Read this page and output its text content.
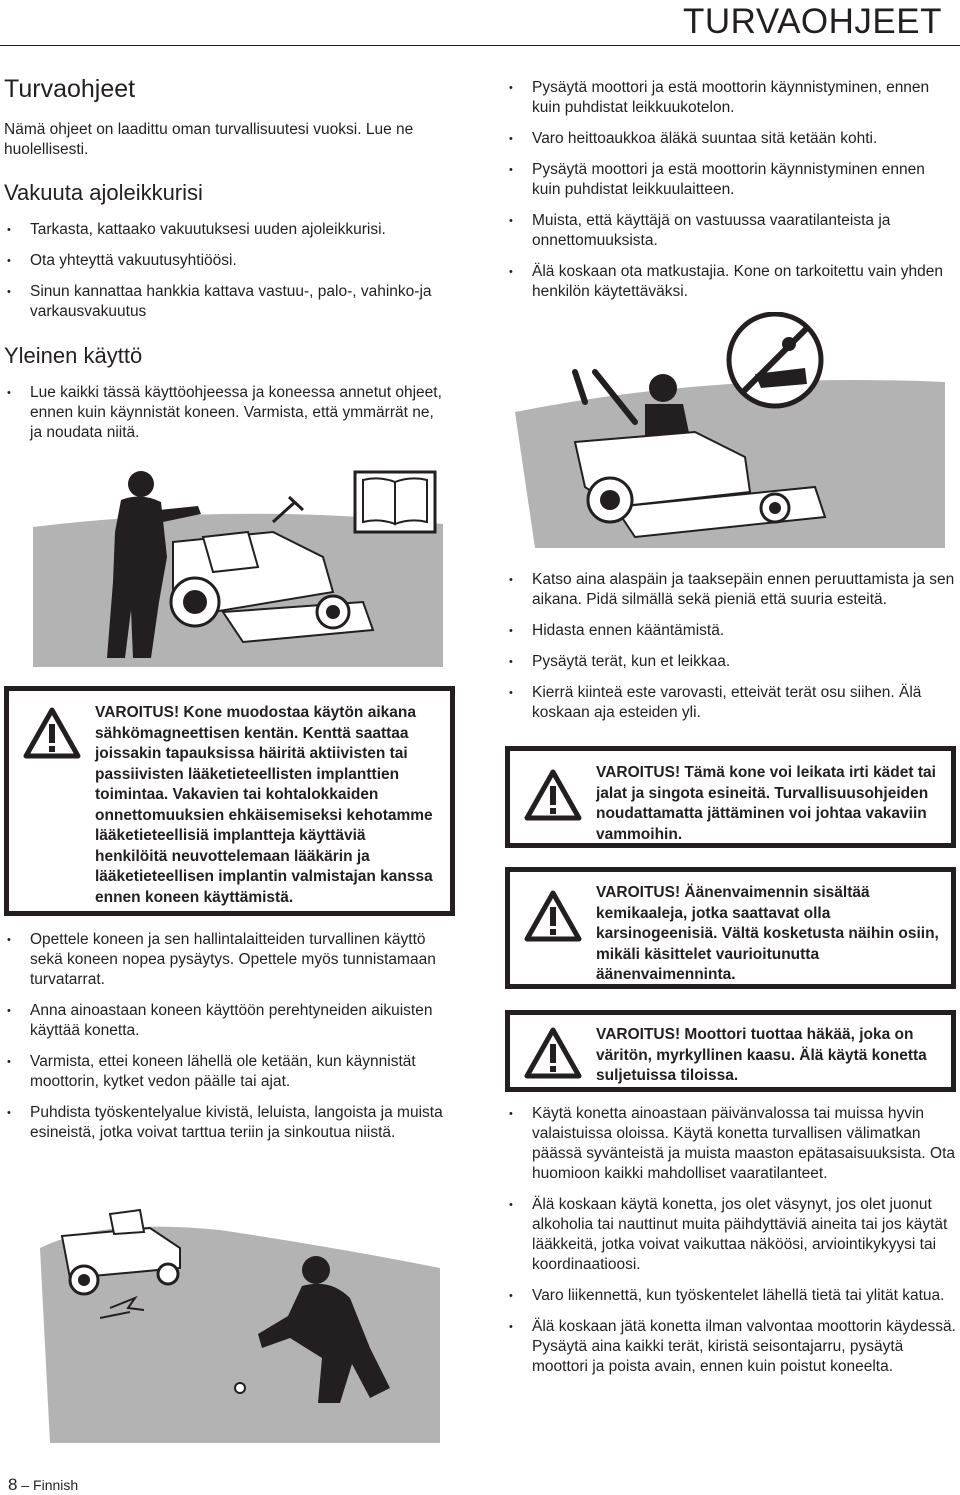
TURVAOHJEET
Turvaohjeet

Nämä ohjeet on laadittu oman turvallisuutesi vuoksi. Lue ne huolellisesti.

Vakuuta ajoleikkurisi
• Tarkasta, kattaako vakuutuksesi uuden ajoleikkurisi.
• Ota yhteyttä vakuutusyhtiöösi.
• Sinun kannattaa hankkia kattava vastuu-, palo-, vahinko-ja varkausvakuutus
Yleinen käyttö
• Lue kaikki tässä käyttöohjeessa ja koneessa annetut ohjeet, ennen kuin käynnistät koneen. Varmista, että ymmärrät ne, ja noudata niitä.
VAROITUS! Kone muodostaa käytön aikana sähkömagneettisen kentän. Kenttä saattaa joissakin tapauksissa häiritä aktiivisten tai passiivisten lääketieteellisten implanttien toimintaa. Vakavien tai kohtalokkaiden onnettomuuksien ehkäisemiseksi kehotamme lääketieteellisiä implantteja käyttäviä henkilöitä neuvottelemaan lääkärin ja lääketieteellisen implantin valmistajan kanssa ennen koneen käyttämistä.
• Opettele koneen ja sen hallintalaitteiden turvallinen käyttö sekä koneen nopea pysäytys. Opettele myös tunnistamaan turvatarrat.
• Anna ainoastaan koneen käyttöön perehtyneiden aikuisten käyttää konetta.
• Varmista, ettei koneen lähellä ole ketään, kun käynnistät moottorin, kytket vedon päälle tai ajat.
• Puhdista työskentelyalue kivistä, leluista, langoista ja muista esineistä, jotka voivat tarttua teriin ja sinkoutua niistä.
• Pysäytä moottori ja estä moottorin käynnistyminen, ennen kuin puhdistat leikkuukotelon.
• Varo heittoaukkoa äläkä suuntaa sitä ketään kohti.
• Pysäytä moottori ja estä moottorin käynnistyminen ennen kuin puhdistat leikkuulaitteen.
• Muista, että käyttäjä on vastuussa vaaratilanteista ja onnettomuuksista.
• Älä koskaan ota matkustajia. Kone on tarkoitettu vain yhden henkilön käytettäväksi.
• Katso aina alaspäin ja taaksepäin ennen peruuttamista ja sen aikana. Pidä silmällä sekä pieniä että suuria esteitä.
• Hidasta ennen kääntämistä.
• Pysäytä terät, kun et leikkaa.
• Kierrä kiinteä este varovasti, etteivät terät osu siihen. Älä koskaan aja esteiden yli.
VAROITUS! Tämä kone voi leikata irti kädet tai jalat ja singota esineitä. Turvallisuusohjeiden noudattamatta jättäminen voi johtaa vakaviin vammoihin.
VAROITUS! Äänenvaimennin sisältää kemikaaleja, jotka saattavat olla karsinogeenisiä. Vältä kosketusta näihin osiin, mikäli käsittelet vaurioitunutta äänenvaimenninta.
VAROITUS! Moottori tuottaa häkää, joka on väritön, myrkyllinen kaasu. Älä käytä konetta suljetuissa tiloissa.
• Käytä konetta ainoastaan päivänvalossa tai muissa hyvin valaistuissa oloissa. Käytä konetta turvallisen välimatkan päässä syvänteistä ja muista maaston epätasaisuuksista. Ota huomioon kaikki mahdolliset vaaratilanteet.
• Älä koskaan käytä konetta, jos olet väsynyt, jos olet juonut alkoholia tai nauttinut muita päihdyttäviä aineita tai jos käytät lääkkeitä, jotka voivat vaikuttaa näköösi, arviointikykyysi tai koordinaatioosi.
• Varo liikennettä, kun työskentelet lähellä tietä tai ylität katua.
• Älä koskaan jätä konetta ilman valvontaa moottorin käydessä. Pysäytä aina kaikki terät, kiristä seisontajarru, pysäytä moottori ja poista avain, ennen kuin poistut koneelta.
8 – Finnish
